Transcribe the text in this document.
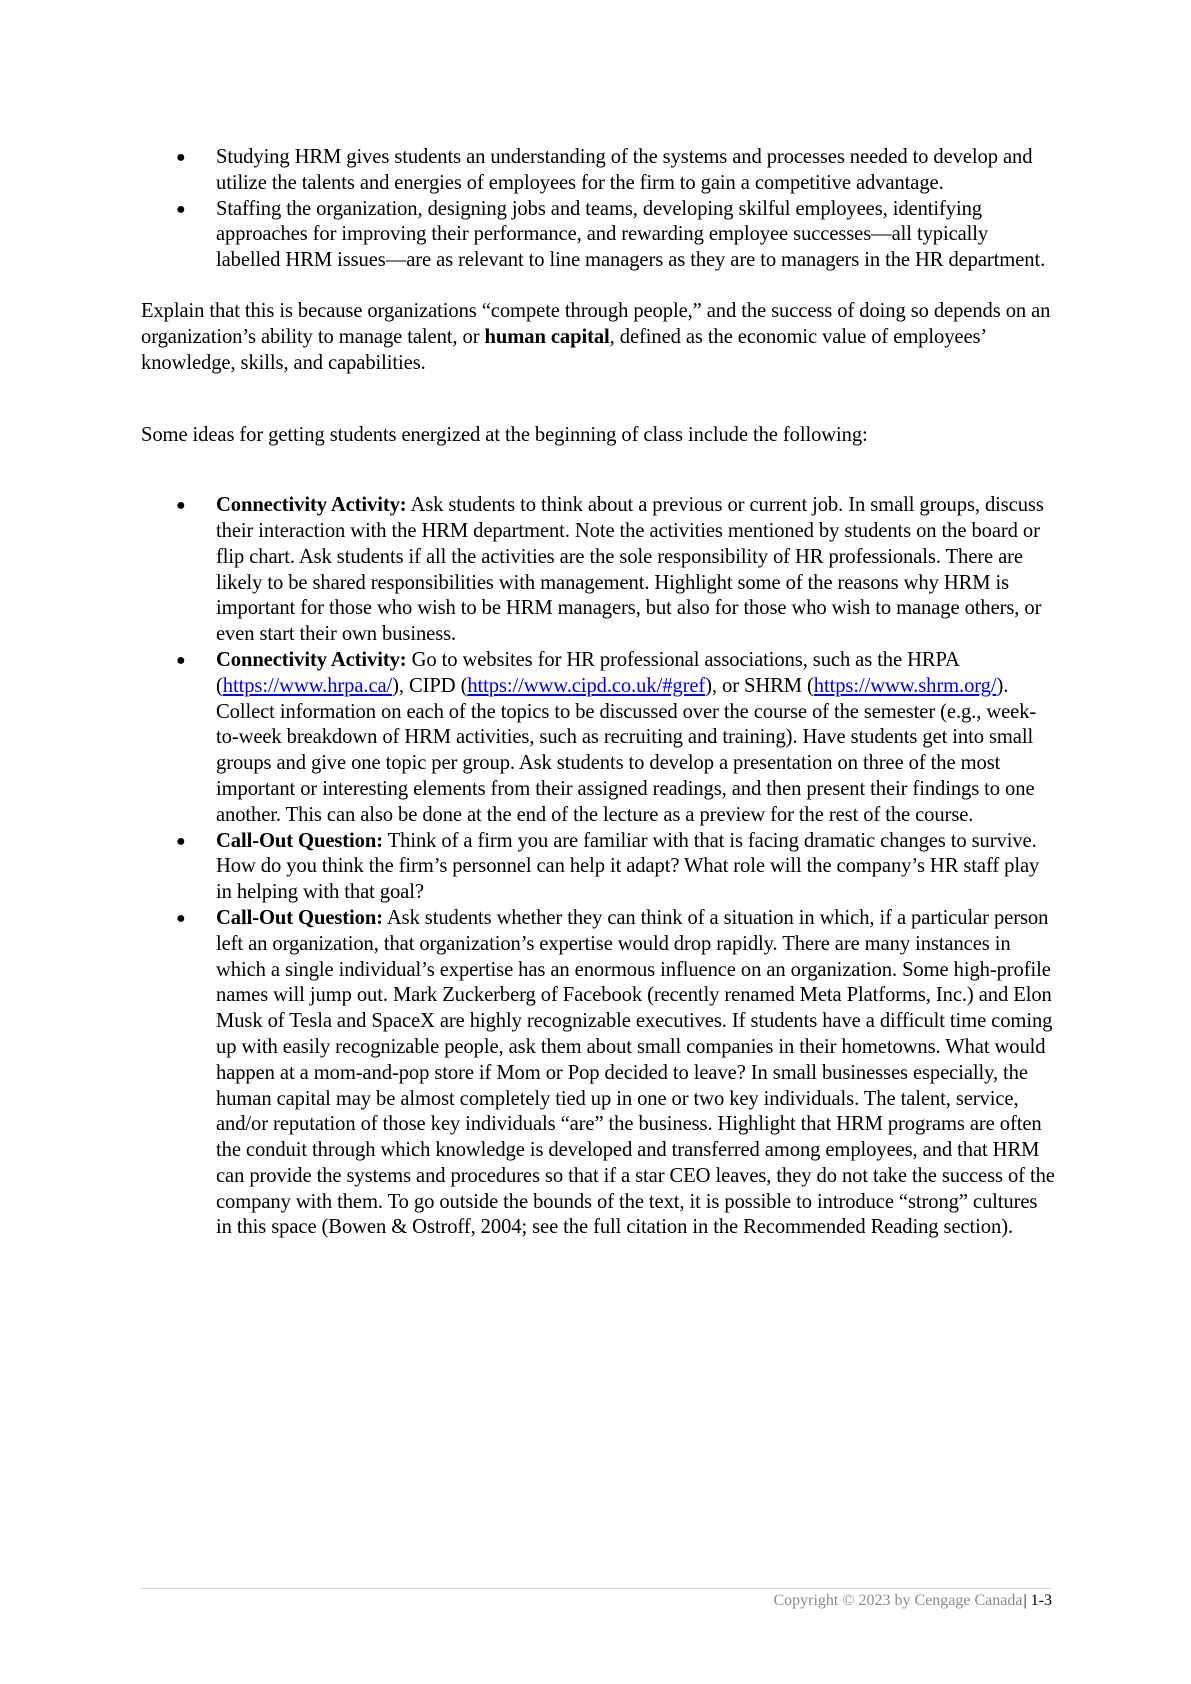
● Studying HRM gives students an understanding of the systems and processes needed to develop and utilize the talents and energies of employees for the firm to gain a competitive advantage.
● Staffing the organization, designing jobs and teams, developing skilful employees, identifying approaches for improving their performance, and rewarding employee successes—all typically labelled HRM issues—are as relevant to line managers as they are to managers in the HR department.

Explain that this is because organizations “compete through people,” and the success of doing so depends on an organization’s ability to manage talent, or human capital, defined as the economic value of employees’ knowledge, skills, and capabilities.

Some ideas for getting students energized at the beginning of class include the following:

● Connectivity Activity: Ask students to think about a previous or current job. In small groups, discuss their interaction with the HRM department. Note the activities mentioned by students on the board or flip chart. Ask students if all the activities are the sole responsibility of HR professionals. There are likely to be shared responsibilities with management. Highlight some of the reasons why HRM is important for those who wish to be HRM managers, but also for those who wish to manage others, or even start their own business.
● Connectivity Activity: Go to websites for HR professional associations, such as the HRPA (https://www.hrpa.ca/), CIPD (https://www.cipd.co.uk/#gref), or SHRM (https://www.shrm.org/). Collect information on each of the topics to be discussed over the course of the semester (e.g., week-to-week breakdown of HRM activities, such as recruiting and training). Have students get into small groups and give one topic per group. Ask students to develop a presentation on three of the most important or interesting elements from their assigned readings, and then present their findings to one another. This can also be done at the end of the lecture as a preview for the rest of the course.
● Call-Out Question: Think of a firm you are familiar with that is facing dramatic changes to survive. How do you think the firm’s personnel can help it adapt? What role will the company’s HR staff play in helping with that goal?
● Call-Out Question: Ask students whether they can think of a situation in which, if a particular person left an organization, that organization’s expertise would drop rapidly. There are many instances in which a single individual’s expertise has an enormous influence on an organization. Some high-profile names will jump out. Mark Zuckerberg of Facebook (recently renamed Meta Platforms, Inc.) and Elon Musk of Tesla and SpaceX are highly recognizable executives. If students have a difficult time coming up with easily recognizable people, ask them about small companies in their hometowns. What would happen at a mom-and-pop store if Mom or Pop decided to leave? In small businesses especially, the human capital may be almost completely tied up in one or two key individuals. The talent, service, and/or reputation of those key individuals “are” the business. Highlight that HRM programs are often the conduit through which knowledge is developed and transferred among employees, and that HRM can provide the systems and procedures so that if a star CEO leaves, they do not take the success of the company with them. To go outside the bounds of the text, it is possible to introduce “strong” cultures in this space (Bowen & Ostroff, 2004; see the full citation in the Recommended Reading section).
Copyright © 2023 by Cengage Canada| 1-3
